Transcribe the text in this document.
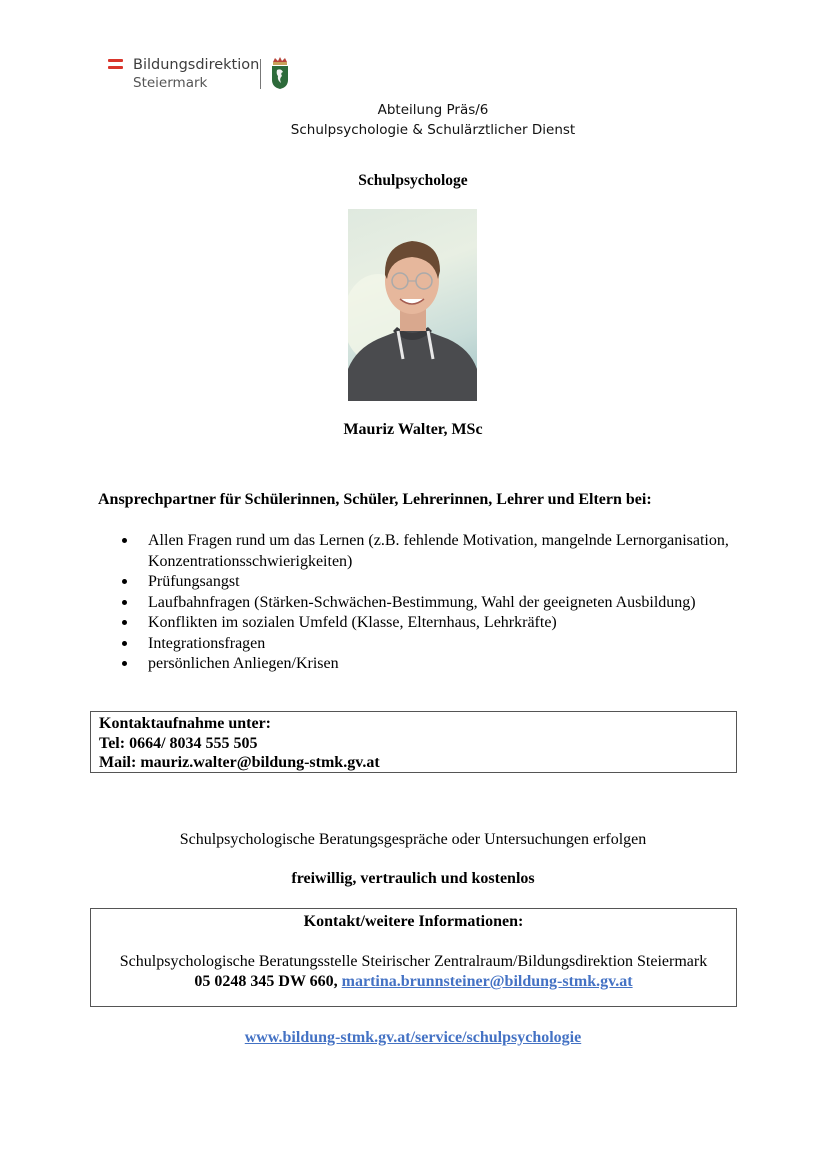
Bildungsdirektion
Steiermark
Abteilung Präs/6
Schulpsychologie & Schulärztlicher Dienst
Schulpsychologe
Mauriz Walter, MSc
Ansprechpartner für Schülerinnen, Schüler, Lehrerinnen, Lehrer und Eltern bei:
Allen Fragen rund um das Lernen (z.B. fehlende Motivation, mangelnde Lernorganisation, Konzentrationsschwierigkeiten)
Prüfungsangst
Laufbahnfragen (Stärken-Schwächen-Bestimmung, Wahl der geeigneten Ausbildung)
Konflikten im sozialen Umfeld (Klasse, Elternhaus, Lehrkräfte)
Integrationsfragen
persönlichen Anliegen/Krisen
Kontaktaufnahme unter:
Tel: 0664/ 8034 555 505
Mail: mauriz.walter@bildung-stmk.gv.at
Schulpsychologische Beratungsgespräche oder Untersuchungen erfolgen
freiwillig, vertraulich und kostenlos
Kontakt/weitere Informationen:
Schulpsychologische Beratungsstelle Steirischer Zentralraum/Bildungsdirektion Steiermark
05 0248 345 DW 660, martina.brunnsteiner@bildung-stmk.gv.at
www.bildung-stmk.gv.at/service/schulpsychologie
